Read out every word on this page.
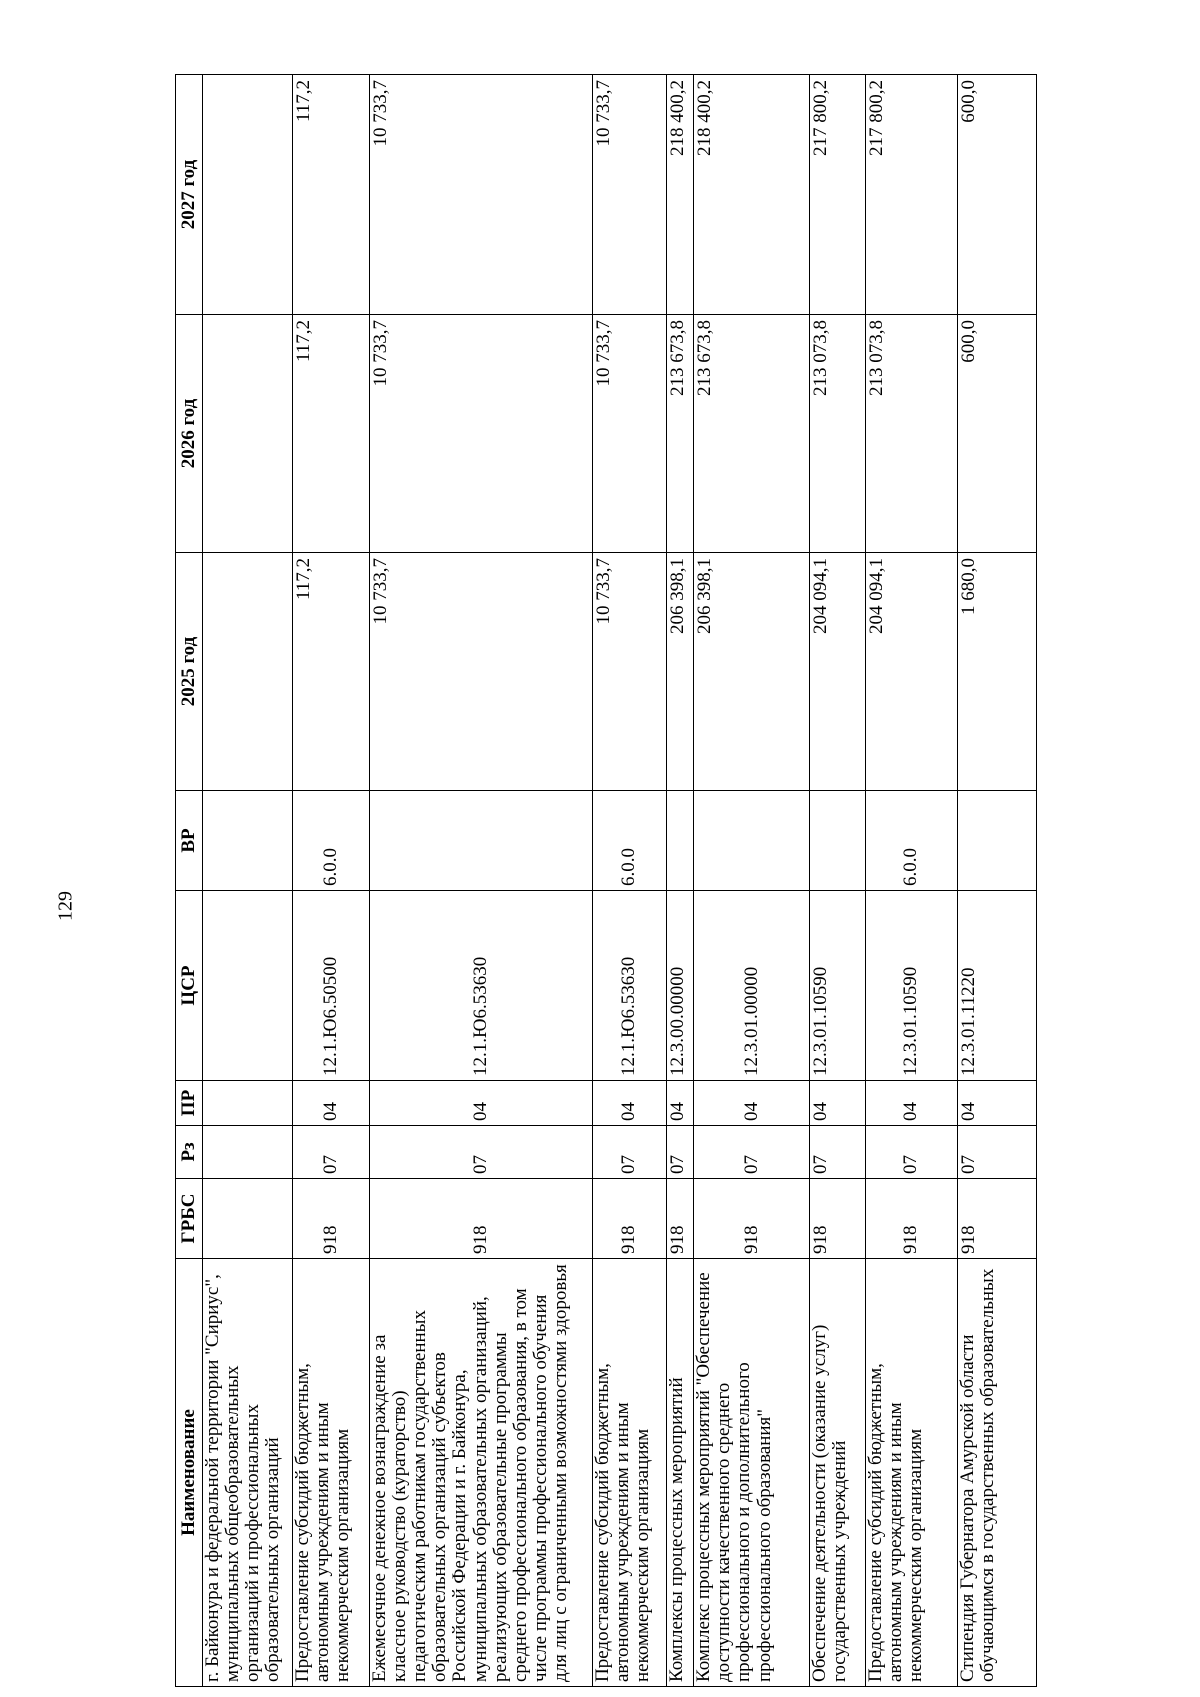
129
Наименование	ГРБС	Рз	ПР	ЦСР	ВР	2025 год	2026 год	2027 год
г. Байконура и федеральной территории "Сириус", муниципальных общеобразовательных организаций и профессиональных образовательных организаций								
Предоставление субсидий бюджетным, автономным учреждениям и иным некоммерческим организациям	918	07	04	12.1.Ю6.50500	6.0.0	117,2	117,2	117,2
Ежемесячное денежное вознаграждение за классное руководство (кураторство) педагогическим работникам государственных образовательных организаций субъектов Российской Федерации и г. Байконура, муниципальных образовательных организаций, реализующих образовательные программы среднего профессионального образования, в том числе программы профессионального обучения для лиц с ограниченными возможностями здоровья	918	07	04	12.1.Ю6.53630		10 733,7	10 733,7	10 733,7
Предоставление субсидий бюджетным, автономным учреждениям и иным некоммерческим организациям	918	07	04	12.1.Ю6.53630	6.0.0	10 733,7	10 733,7	10 733,7
Комплексы процессных мероприятий	918	07	04	12.3.00.00000		206 398,1	213 673,8	218 400,2
Комплекс процессных мероприятий "Обеспечение доступности качественного среднего профессионального и дополнительного профессионального образования"	918	07	04	12.3.01.00000		206 398,1	213 673,8	218 400,2
Обеспечение деятельности (оказание услуг) государственных учреждений	918	07	04	12.3.01.10590		204 094,1	213 073,8	217 800,2
Предоставление субсидий бюджетным, автономным учреждениям и иным некоммерческим организациям	918	07	04	12.3.01.10590	6.0.0	204 094,1	213 073,8	217 800,2
Стипендия Губернатора Амурской области обучающимся в государственных образовательных	918	07	04	12.3.01.11220		1 680,0	600,0	600,0
